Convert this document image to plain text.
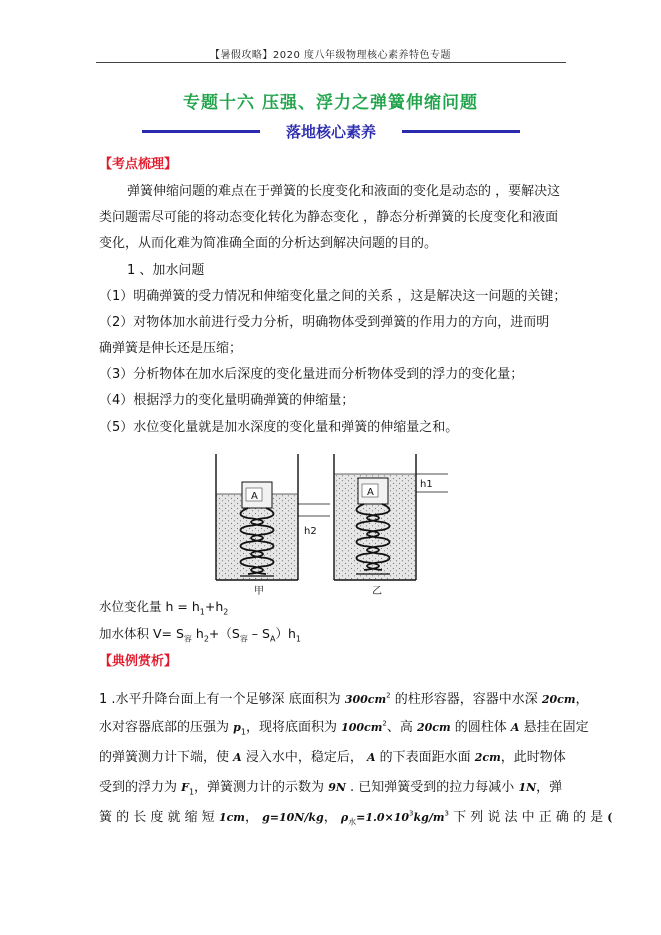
【暑假攻略】2020 度八年级物理核心素养特色专题
专题十六 压强、浮力之弹簧伸缩问题
落地核心素养
【考点梳理】
弹簧伸缩问题的难点在于弹簧的长度变化和液面的变化是动态的 ，要解决这
类问题需尽可能的将动态变化转化为静态变化 ，静态分析弹簧的长度变化和液面
变化，从而化难为简准确全面的分析达到解决问题的目的。
1 、加水问题
（1）明确弹簧的受力情况和伸缩变化量之间的关系 ，这是解决这一问题的关键；
（2）对物体加水前进行受力分析，明确物体受到弹簧的作用力的方向，进而明
确弹簧是伸长还是压缩；
（3）分析物体在加水后深度的变化量进而分析物体受到的浮力的变化量；
（4）根据浮力的变化量明确弹簧的伸缩量；
（5）水位变化量就是加水深度的变化量和弹簧的伸缩量之和。
A
甲
h2
A
乙
h1
水位变化量 $h = h_1+h_2$
加水体积 $V= S_容$ $h_2+(S_容 - S_A)h_1$
【典例赏析】
1 .水平升降台面上有一个足够深 底面积为 $300cm^2$ 的柱形容器，容器中水深 20cm，
水对容器底部的压强为 $p_1$，现将底面积为 $100cm^2$、高 20cm 的圆柱体 A 悬挂在固定
的弹簧测力计下端，使 A 浸入水中，稳定后， A 的下表面距水面 2cm，此时物体
受到的浮力为 $F_1$，弹簧测力计的示数为 9N . 已知弹簧受到的拉力每减小 1N，弹
簧 的 长 度 就 缩 短 1cm， g=10N/kg， $\rho_水=1.0\times 10^3kg/m^3$ 下 列 说 法 中 正 确 的 是 (
